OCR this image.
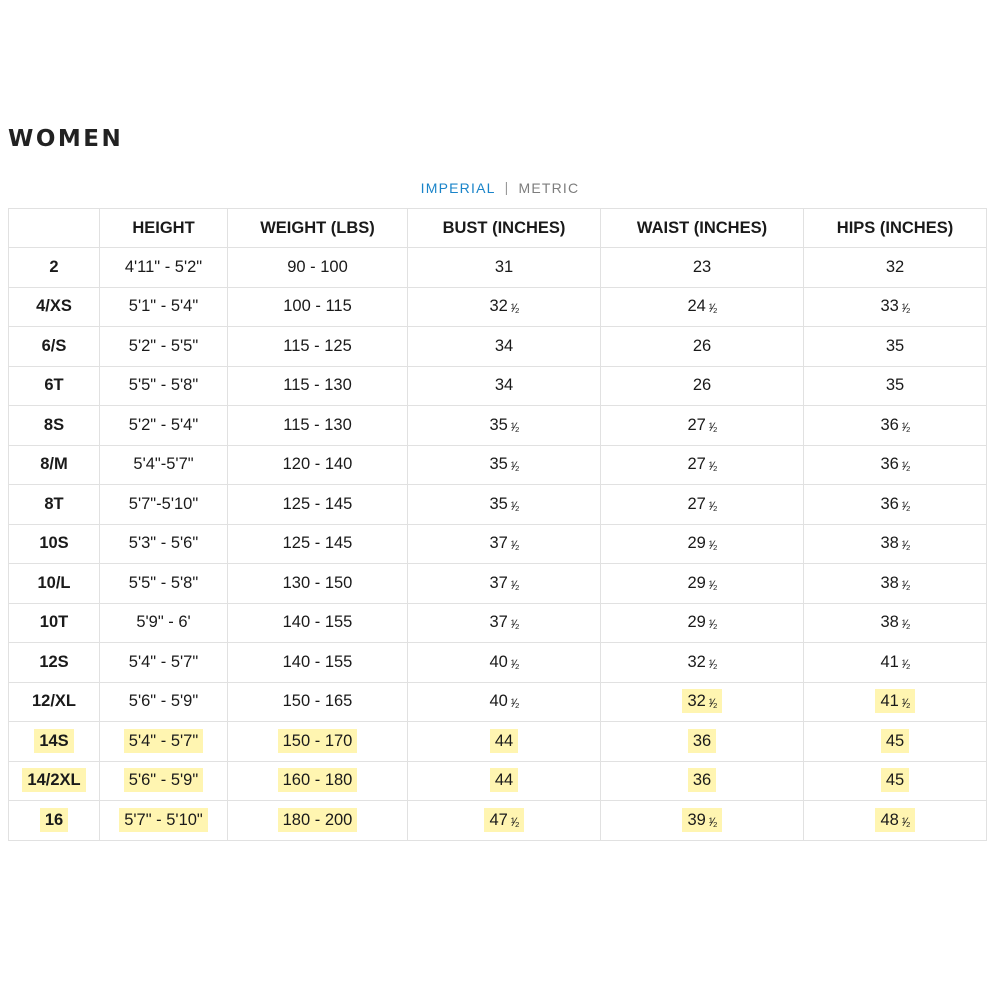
WOMEN
IMPERIAL | METRIC
	HEIGHT	WEIGHT (LBS)	BUST (INCHES)	WAIST (INCHES)	HIPS (INCHES)
2	4'11" - 5'2"	90 - 100	31	23	32
4/XS	5'1" - 5'4"	100 - 115	32 ¹⁄₂	24 ¹⁄₂	33 ¹⁄₂
6/S	5'2" - 5'5"	115 - 125	34	26	35
6T	5'5" - 5'8"	115 - 130	34	26	35
8S	5'2" - 5'4"	115 - 130	35 ¹⁄₂	27 ¹⁄₂	36 ¹⁄₂
8/M	5'4"-5'7"	120 - 140	35 ¹⁄₂	27 ¹⁄₂	36 ¹⁄₂
8T	5'7"-5'10"	125 - 145	35 ¹⁄₂	27 ¹⁄₂	36 ¹⁄₂
10S	5'3" - 5'6"	125 - 145	37 ¹⁄₂	29 ¹⁄₂	38 ¹⁄₂
10/L	5'5" - 5'8"	130 - 150	37 ¹⁄₂	29 ¹⁄₂	38 ¹⁄₂
10T	5'9" - 6'	140 - 155	37 ¹⁄₂	29 ¹⁄₂	38 ¹⁄₂
12S	5'4" - 5'7"	140 - 155	40 ¹⁄₂	32 ¹⁄₂	41 ¹⁄₂
12/XL	5'6" - 5'9"	150 - 165	40 ¹⁄₂	32 ¹⁄₂	41 ¹⁄₂
14S	5'4" - 5'7"	150 - 170	44	36	45
14/2XL	5'6" - 5'9"	160 - 180	44	36	45
16	5'7" - 5'10"	180 - 200	47 ¹⁄₂	39 ¹⁄₂	48 ¹⁄₂
